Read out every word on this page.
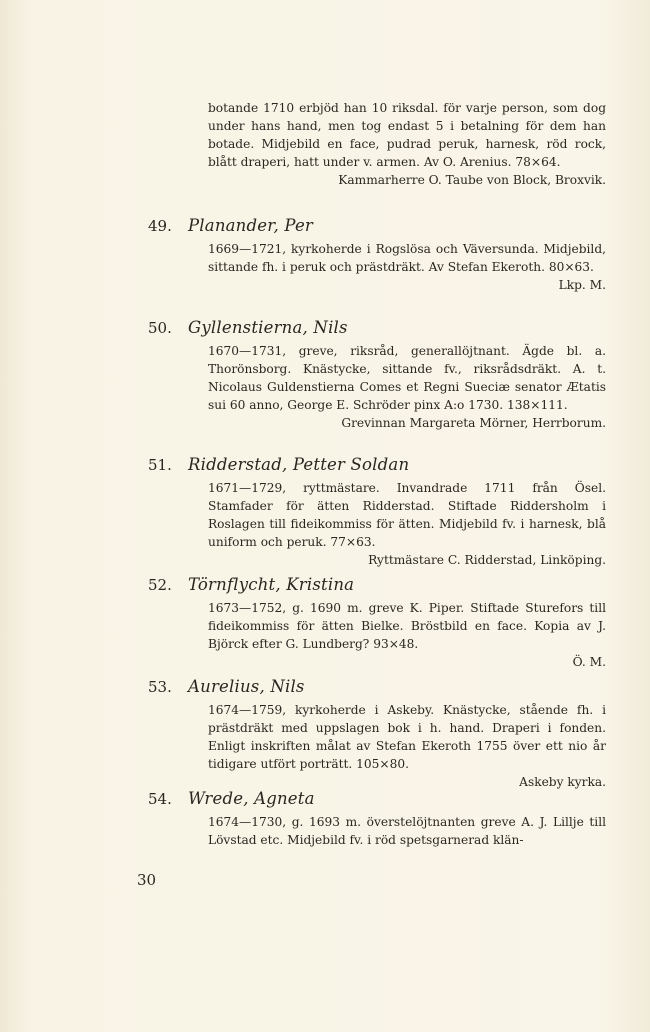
botande 1710 erbjöd han 10 riksdal. för varje person, som dog under hans hand, men tog endast 5 i betalning för dem han botade. Midjebild en face, pudrad peruk, harnesk, röd rock, blått draperi, hatt under v. armen. Av O. Arenius. 78×64.

Kammarherre O. Taube von Block, Broxvik.
49. Planander, Per

1669—1721, kyrkoherde i Rogslösa och Väversunda. Midjebild, sittande fh. i peruk och prästdräkt. Av Stefan Ekeroth. 80×63.

Lkp. M.
50. Gyllenstierna, Nils

1670—1731, greve, riksråd, generallöjtnant. Ägde bl. a. Thorönsborg. Knästycke, sittande fv., riksrådsdräkt. A. t. Nicolaus Guldenstierna Comes et Regni Sueciæ senator Ætatis sui 60 anno, George E. Schröder pinx A:o 1730. 138×111.

Grevinnan Margareta Mörner, Herrborum.
51. Ridderstad, Petter Soldan

1671—1729, ryttmästare. Invandrade 1711 från Ösel. Stamfader för ätten Ridderstad. Stiftade Riddersholm i Roslagen till fideikommiss för ätten. Midjebild fv. i harnesk, blå uniform och peruk. 77×63.

Ryttmästare C. Ridderstad, Linköping.
52. Törnflycht, Kristina

1673—1752, g. 1690 m. greve K. Piper. Stiftade Sturefors till fideikommiss för ätten Bielke. Bröstbild en face. Kopia av J. Björck efter G. Lundberg? 93×48.

Ö. M.
53. Aurelius, Nils

1674—1759, kyrkoherde i Askeby. Knästycke, stående fh. i prästdräkt med uppslagen bok i h. hand. Draperi i fonden. Enligt inskriften målat av Stefan Ekeroth 1755 över ett nio år tidigare utfört porträtt. 105×80.

Askeby kyrka.
54. Wrede, Agneta

1674—1730, g. 1693 m. överstelöjtnanten greve A. J. Lillje till Lövstad etc. Midjebild fv. i röd spetsgarnerad klän-

30
